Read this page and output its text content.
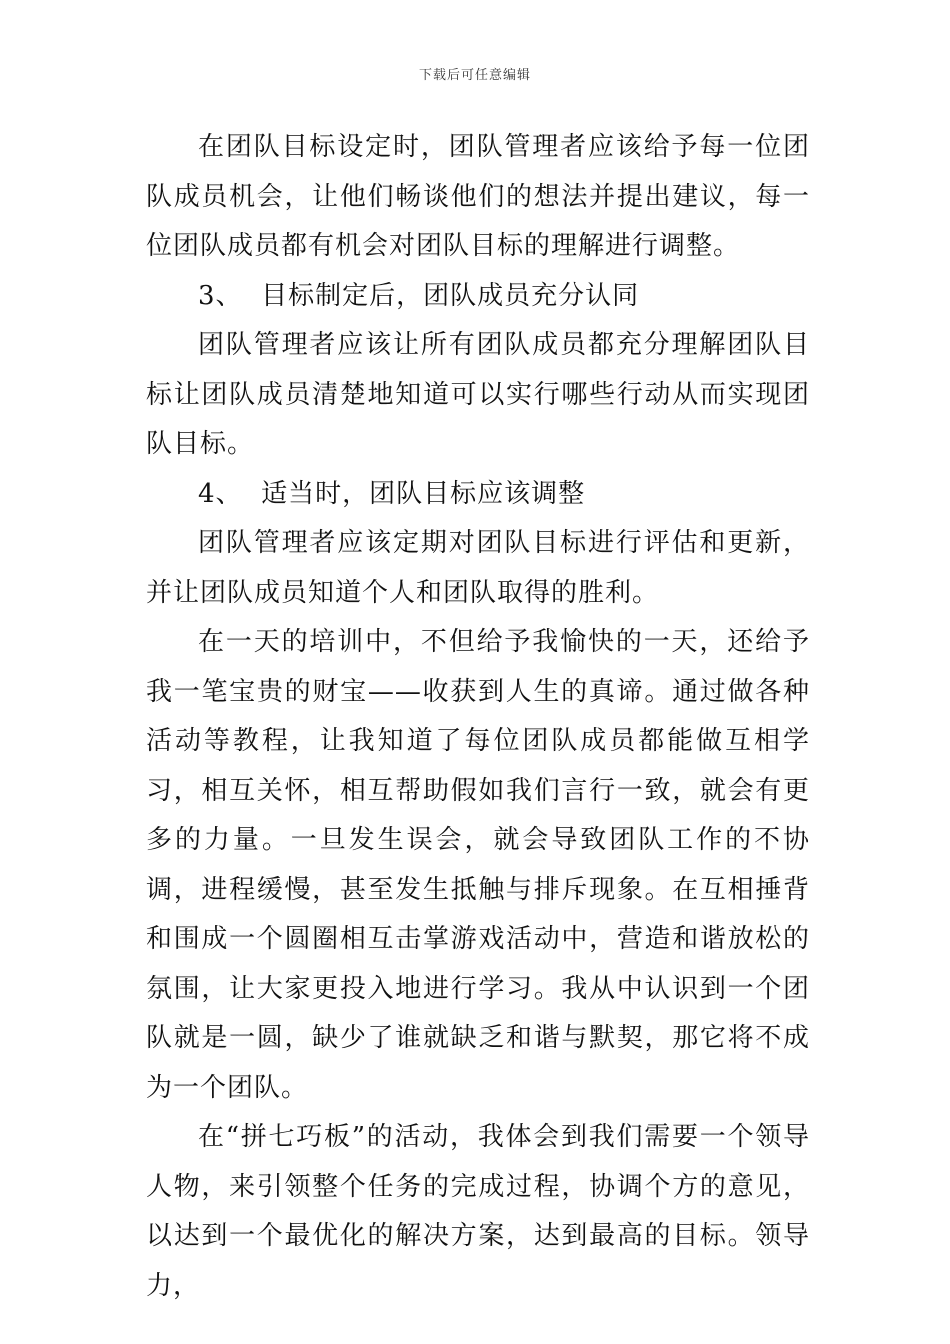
下载后可任意编辑

在团队目标设定时，团队管理者应该给予每一位团队成员机会，让他们畅谈他们的想法并提出建议，每一位团队成员都有机会对团队目标的理解进行调整。

3、  目标制定后，团队成员充分认同

团队管理者应该让所有团队成员都充分理解团队目标让团队成员清楚地知道可以实行哪些行动从而实现团队目标。

4、  适当时，团队目标应该调整

团队管理者应该定期对团队目标进行评估和更新，并让团队成员知道个人和团队取得的胜利。

在一天的培训中，不但给予我愉快的一天，还给予我一笔宝贵的财宝——收获到人生的真谛。通过做各种活动等教程，让我知道了每位团队成员都能做互相学习，相互关怀，相互帮助假如我们言行一致，就会有更多的力量。一旦发生误会，就会导致团队工作的不协调，进程缓慢，甚至发生抵触与排斥现象。在互相捶背和围成一个圆圈相互击掌游戏活动中，营造和谐放松的氛围，让大家更投入地进行学习。我从中认识到一个团队就是一圆，缺少了谁就缺乏和谐与默契，那它将不成为一个团队。

在“拼七巧板”的活动，我体会到我们需要一个领导人物，来引领整个任务的完成过程，协调个方的意见，以达到一个最优化的解决方案，达到最高的目标。领导力，
